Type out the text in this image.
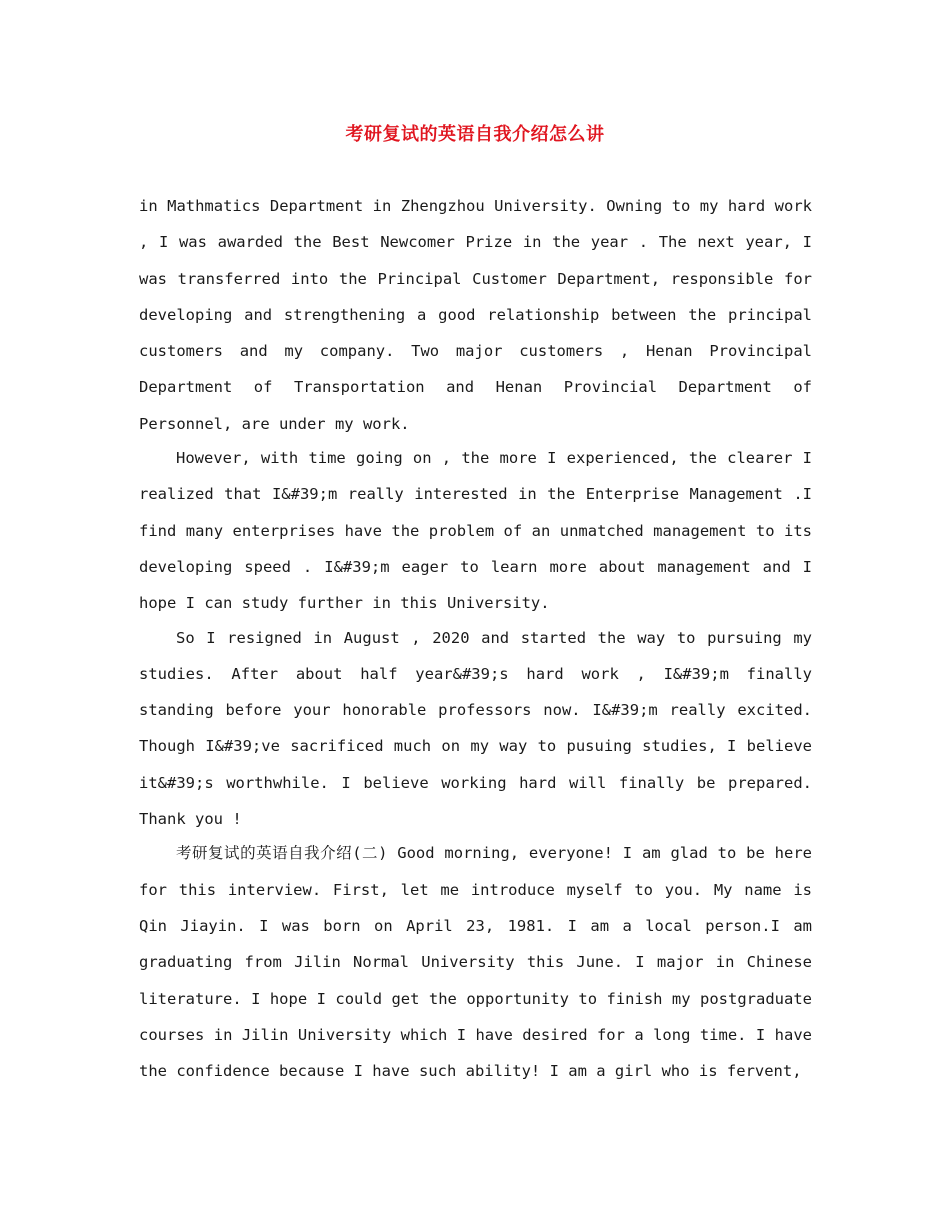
考研复试的英语自我介绍怎么讲

in Mathmatics Department in Zhengzhou University. Owning to my hard work , I was awarded the Best Newcomer Prize in the year . The next year, I was transferred into the Principal Customer Department, responsible for developing and strengthening a good relationship between the principal customers and my company. Two major customers , Henan Provincipal Department of Transportation and Henan Provincial Department of Personnel, are under my work.

However, with time going on , the more I experienced, the clearer I realized that I&#39;m really interested in the Enterprise Management .I find many enterprises have the problem of an unmatched management to its developing speed . I&#39;m eager to learn more about management and I hope I can study further in this University.

So I resigned in August , 2020 and started the way to pursuing my studies. After about half year&#39;s hard work , I&#39;m finally standing before your honorable professors now. I&#39;m really excited. Though I&#39;ve sacrificed much on my way to pusuing studies, I believe it&#39;s worthwhile. I believe working hard will finally be prepared. Thank you !

考研复试的英语自我介绍(二) Good morning, everyone! I am glad to be here for this interview. First, let me introduce myself to you. My name is Qin Jiayin. I was born on April 23, 1981. I am a local person.I am graduating from Jilin Normal University this June. I major in Chinese literature. I hope I could get the opportunity to finish my postgraduate courses in Jilin University which I have desired for a long time. I have the confidence because I have such ability! I am a girl who is fervent,
